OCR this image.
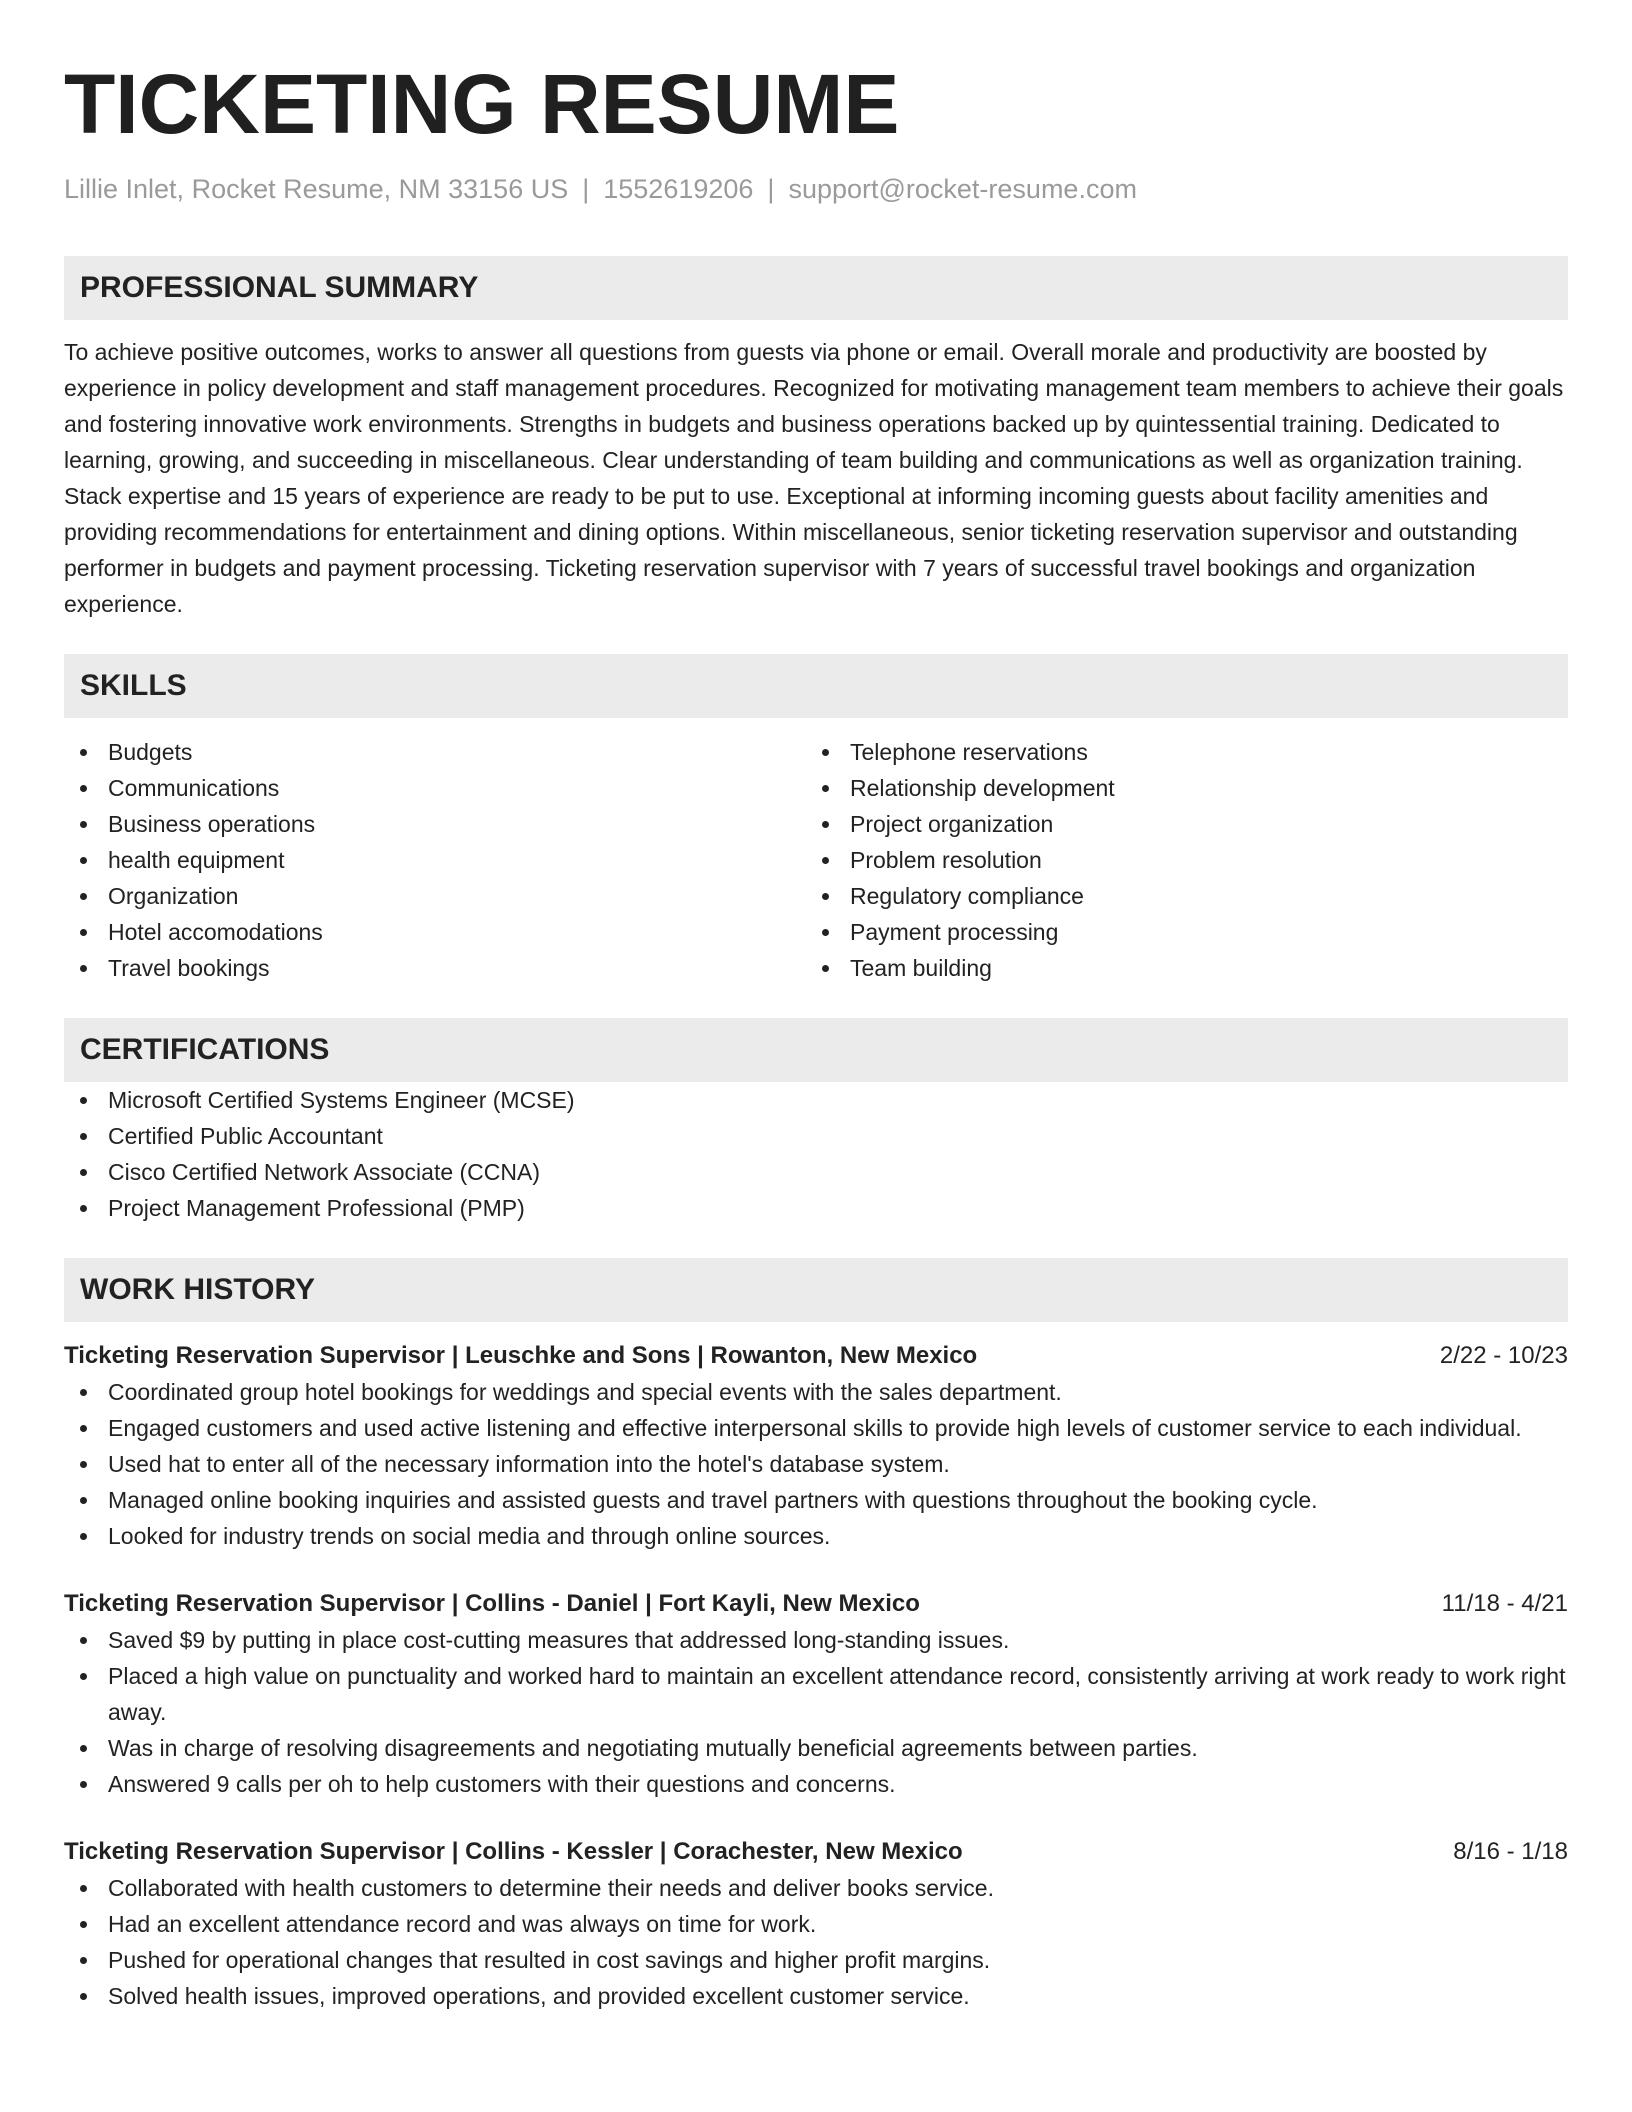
TICKETING RESUME
Lillie Inlet, Rocket Resume, NM 33156 US | 1552619206 | support@rocket-resume.com
PROFESSIONAL SUMMARY
To achieve positive outcomes, works to answer all questions from guests via phone or email. Overall morale and productivity are boosted by experience in policy development and staff management procedures. Recognized for motivating management team members to achieve their goals and fostering innovative work environments. Strengths in budgets and business operations backed up by quintessential training. Dedicated to learning, growing, and succeeding in miscellaneous. Clear understanding of team building and communications as well as organization training. Stack expertise and 15 years of experience are ready to be put to use. Exceptional at informing incoming guests about facility amenities and providing recommendations for entertainment and dining options. Within miscellaneous, senior ticketing reservation supervisor and outstanding performer in budgets and payment processing. Ticketing reservation supervisor with 7 years of successful travel bookings and organization experience.
SKILLS
Budgets
Communications
Business operations
health equipment
Organization
Hotel accomodations
Travel bookings
Telephone reservations
Relationship development
Project organization
Problem resolution
Regulatory compliance
Payment processing
Team building
CERTIFICATIONS
Microsoft Certified Systems Engineer (MCSE)
Certified Public Accountant
Cisco Certified Network Associate (CCNA)
Project Management Professional (PMP)
WORK HISTORY
Ticketing Reservation Supervisor | Leuschke and Sons | Rowanton, New Mexico	2/22 - 10/23
Coordinated group hotel bookings for weddings and special events with the sales department.
Engaged customers and used active listening and effective interpersonal skills to provide high levels of customer service to each individual.
Used hat to enter all of the necessary information into the hotel's database system.
Managed online booking inquiries and assisted guests and travel partners with questions throughout the booking cycle.
Looked for industry trends on social media and through online sources.
Ticketing Reservation Supervisor | Collins - Daniel | Fort Kayli, New Mexico	11/18 - 4/21
Saved $9 by putting in place cost-cutting measures that addressed long-standing issues.
Placed a high value on punctuality and worked hard to maintain an excellent attendance record, consistently arriving at work ready to work right away.
Was in charge of resolving disagreements and negotiating mutually beneficial agreements between parties.
Answered 9 calls per oh to help customers with their questions and concerns.
Ticketing Reservation Supervisor | Collins - Kessler | Corachester, New Mexico	8/16 - 1/18
Collaborated with health customers to determine their needs and deliver books service.
Had an excellent attendance record and was always on time for work.
Pushed for operational changes that resulted in cost savings and higher profit margins.
Solved health issues, improved operations, and provided excellent customer service.
